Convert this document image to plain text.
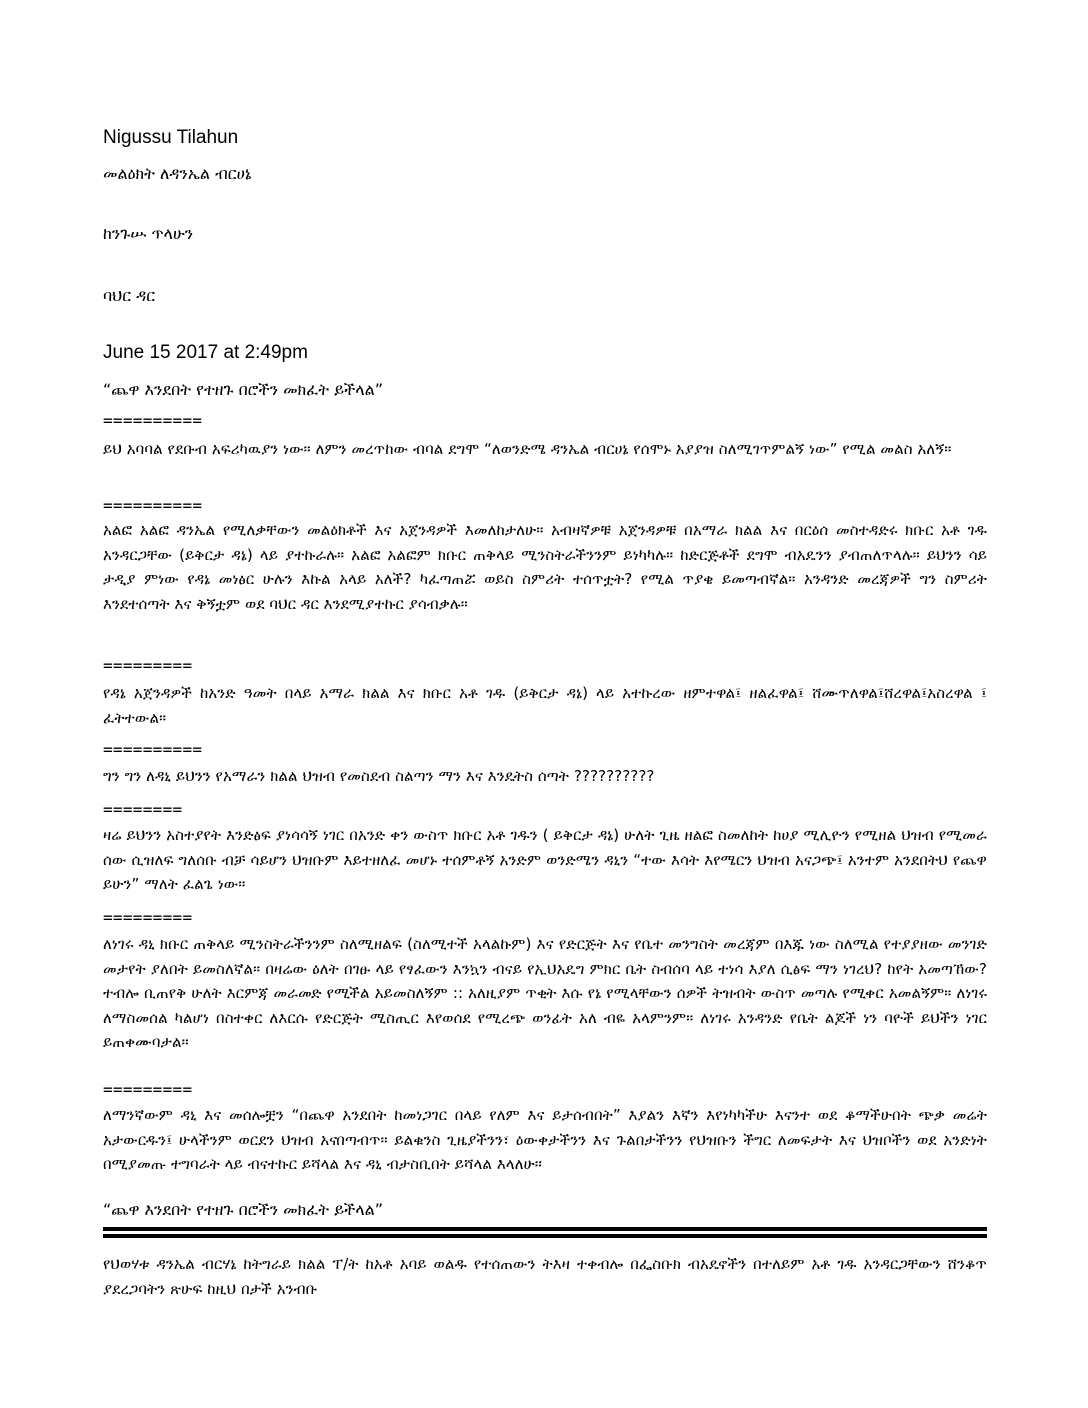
Nigussu Tilahun
መልዕክት ለዳንኤል ብርሀኔ
ከንጉሡ ጥላሁን
ባህር ዳር
June 15 2017 at 2:49pm
“ጨዋ እንደበት የተዘጉ በሮችን መክፈት ይችላል”
==========
ይህ አባባል የደቡብ አፍሪካዉያን ነው። ለምን መረጥከው ብባል ደግሞ “ለወንድሜ ዳንኤል ብርሀኔ የሰሞኑ አያያዝ ስለሚገጥምልኝ ነው” የሚል መልስ አለኝ።
==========
አልፎ አልፎ ዳንኤል የሚለቃቸውን መልዕክቶች እና አጀንዳዎች እመለከታለሁ። አብዛኛዎቹ አጀንዳዎቹ በአማራ ክልል እና በርዕሰ መስተዳድሩ ክቡር አቶ ገዱ አንዳርጋቸው (ይቅርታ ዳኔ) ላይ ያተኩራሉ። አልፎ አልፎም ክቡር ጠቅላይ ሚንስትራችንንም ይነካካሉ። ከድርጅቶች ደግሞ ብአዴንን ያብጠለጥላሉ። ይህንን ሳይ ታዲያ ምነው የዳኔ መነፅር ሁሉን እኩል አላይ አለች? ካፈጣጠሯ ወይስ ስምሪት ተሰጥቷት? የሚል ጥያቄ ይመጣብኛል። አንዳንድ መረጃዎች ግን ስምሪት እንደተሰጣት እና ቅኝቷም ወደ ባህር ዳር እንደሚያተኩር ያሳብቃሉ።
=========
የዳኔ አጀንዳዎች ከአንድ ዓመት በላይ አማራ ክልል እና ክቡር አቶ ገዱ (ይቅርታ ዳኔ) ላይ አተኩረው ዘምተዋል፤ ዘልፈዋል፤ ሸሙጥለዋል፤ሸረዋል፤አስረዋል ፤ ፈትተውል።
==========
ግን ግን ለዳኒ ይህንን የአማራን ክልል ህዝብ የመስደብ ስልጣን ማን እና እንዴትስ ሰጣት ??????????
========
ዛሬ ይህንን አስተያየት እንድፅፍ ያነሳሳኝ ነገር በአንድ ቀን ውስጥ ክቡር አቶ ገዱን ( ይቅርታ ዳኔ) ሁለት ጊዜ ዘልፎ ስመለከት ከሀያ ሚሊዮን የሚዘል ህዝብ የሚመራ ሰው ሲዝለፍ ግለሰቡ ብቻ ሳይሆን ህዝቡም እይተዘለፈ መሆኑ ተሰምቶኝ አንድም ወንድሜን ዳኒን “ተው እሳት እየሜርን ህዝብ አናጋጭ፤ አንተም አንደበትህ የጨዋ ይሁን” ማለት ፈልጌ ነው።
=========
ለነገሩ ዳኒ ክቡር ጠቅላይ ሚንስትራችንንም ስለሚዘልፍ (ስለሚተች አላልኩም) እና የድርጅት እና የቤተ መንግስት መረጃም በእጁ ነው ስለሚል የተያያዘው መንገድ መታየት ያለበት ይመስለኛል። በዛሬው ዕለት በገፁ ላይ የፃፈውን እንኳን ብናይ የኢህአዴግ ምክር ቤት ስብሰባ ላይ ተነሳ እያለ ሲፅፍ ማን ነገረህ? ከየት አመጣኸው? ተብሎ ቢጠየቅ ሁለት እርምጃ መራመድ የሚችል አይመስለኝም :: አለዚያም ጥቂት እሱ የኔ የሚላቸውን ሰዎች ትዝብት ውስጥ መጣሉ የሚቀር አመልኝም። ለነገሩ ለማስመሰል ካልሆነ በስተቀር ለእርሱ የድርጅት ሚስጢር እየወሰደ የሚረጭ ወንፊት አለ ብዬ አላምንም። ለነገሩ አንዳንድ የቤት ልጆች ነን ባዮች ይህችን ነገር ይጠቀሙባታል።
=========
ለማንኛውም ዳኒ እና መሰሎቿን “በጨዋ አንደበት ከመነጋገር በላይ የለም እና ይታሰብበት” እያልን እኛን እየነካካችሁ እናንተ ወደ ቆማችሁበት ጭቃ መሬት አታውርዱን፤ ሁላችንም ወርደን ህዝብ አናበጣብጥ። ይልቁንስ ጊዜያችንን፣ ዕውቀታችንን እና ጉልበታችንን የህዝቡን ችግር ለመፍታት እና ህዝቦችን ወደ አንድነት በሚያመጡ ተግባራት ላይ ብናተኩር ይሻላል እና ዳኒ ብታስቢበት ይሻላል እላለሁ፡፡
“ጨዋ እንደበት የተዘጉ በሮችን መክፈት ይችላል”
የህወሃቱ ዳንኤል ብርሃኔ ከትግራይ ክልል ፐ/ት ከአቶ አባይ ወልዱ የተሰጠውን ትእዛ ተቀብሎ በፌስቡክ ብአዴኖችን በተለይም አቶ ገዱ አንዳርጋቸውን ሸንቆጥ ያደረጋባትን ጽሁፍ ከዚህ በታች አንብቡ
